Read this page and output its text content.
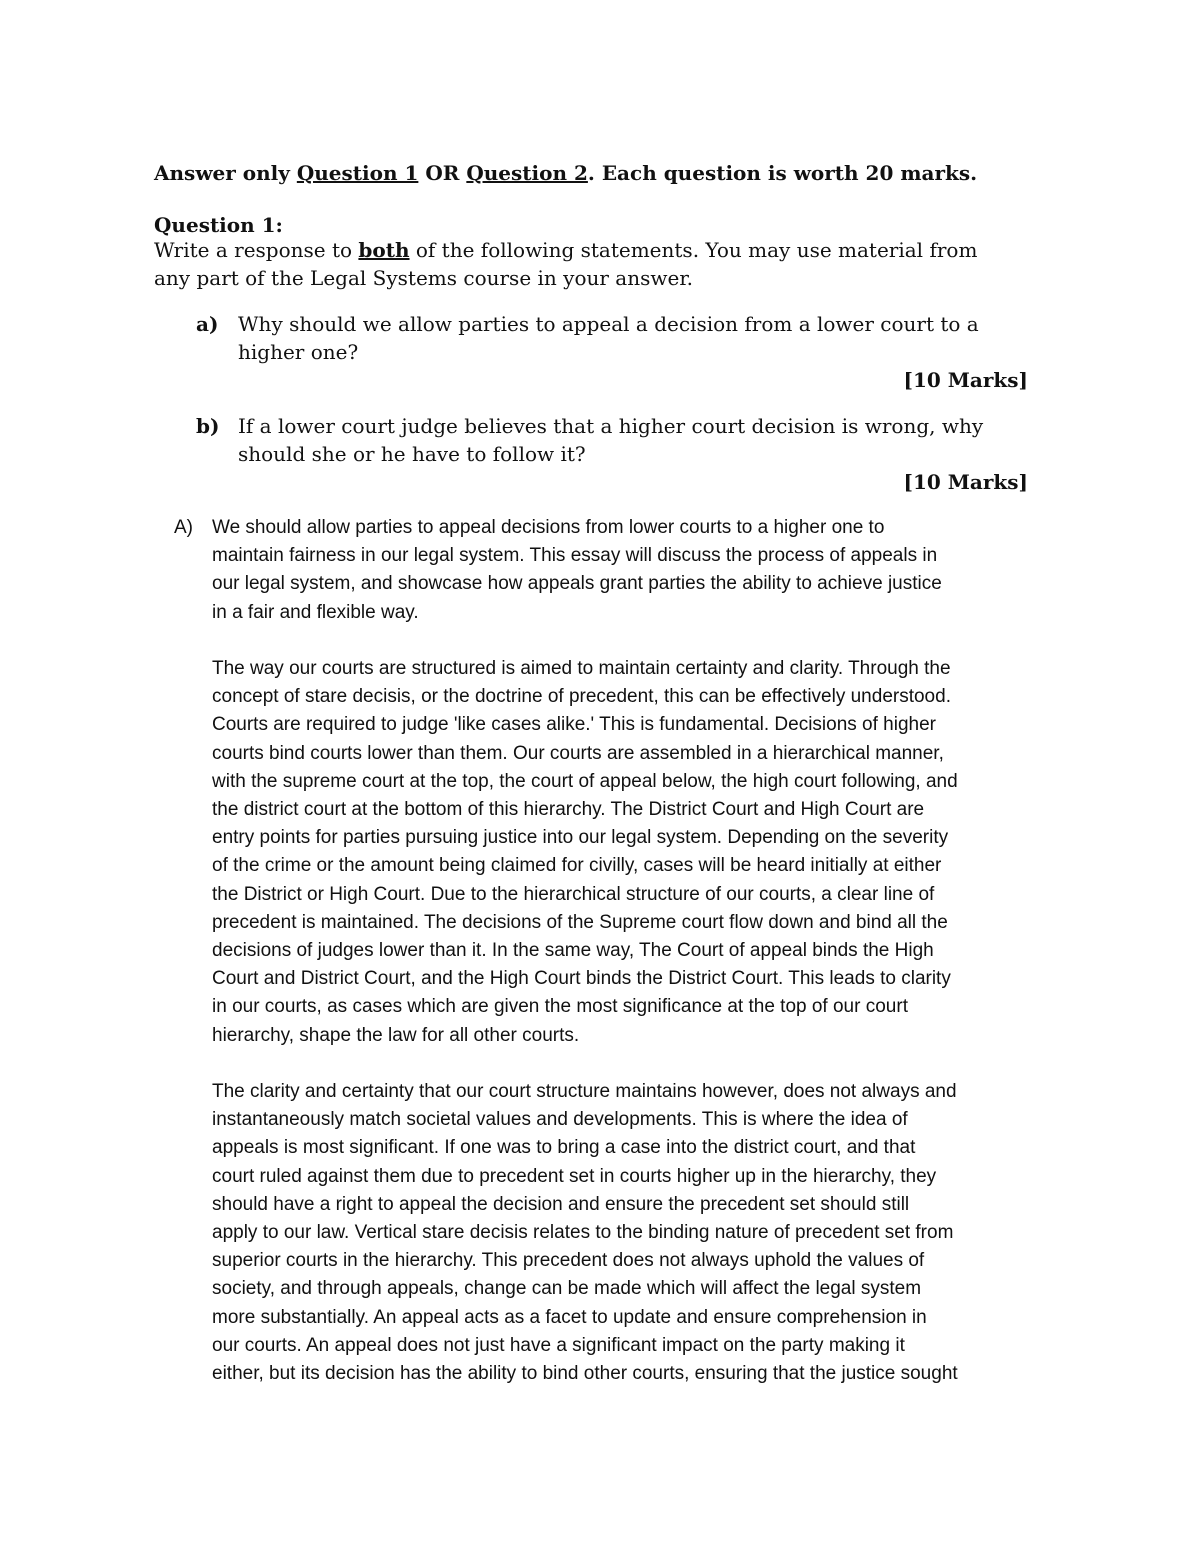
Answer only Question 1 OR Question 2. Each question is worth 20 marks.
Question 1:
Write a response to both of the following statements. You may use material from
any part of the Legal Systems course in your answer.
a) Why should we allow parties to appeal a decision from a lower court to a
higher one?
[10 Marks]
b) If a lower court judge believes that a higher court decision is wrong, why
should she or he have to follow it?
[10 Marks]
A) We should allow parties to appeal decisions from lower courts to a higher one to
maintain fairness in our legal system. This essay will discuss the process of appeals in
our legal system, and showcase how appeals grant parties the ability to achieve justice
in a fair and flexible way.

The way our courts are structured is aimed to maintain certainty and clarity. Through the
concept of stare decisis, or the doctrine of precedent, this can be effectively understood.
Courts are required to judge 'like cases alike.' This is fundamental. Decisions of higher
courts bind courts lower than them. Our courts are assembled in a hierarchical manner,
with the supreme court at the top, the court of appeal below, the high court following, and
the district court at the bottom of this hierarchy. The District Court and High Court are
entry points for parties pursuing justice into our legal system. Depending on the severity
of the crime or the amount being claimed for civilly, cases will be heard initially at either
the District or High Court. Due to the hierarchical structure of our courts, a clear line of
precedent is maintained. The decisions of the Supreme court flow down and bind all the
decisions of judges lower than it. In the same way, The Court of appeal binds the High
Court and District Court, and the High Court binds the District Court. This leads to clarity
in our courts, as cases which are given the most significance at the top of our court
hierarchy, shape the law for all other courts.

The clarity and certainty that our court structure maintains however, does not always and
instantaneously match societal values and developments. This is where the idea of
appeals is most significant. If one was to bring a case into the district court, and that
court ruled against them due to precedent set in courts higher up in the hierarchy, they
should have a right to appeal the decision and ensure the precedent set should still
apply to our law. Vertical stare decisis relates to the binding nature of precedent set from
superior courts in the hierarchy. This precedent does not always uphold the values of
society, and through appeals, change can be made which will affect the legal system
more substantially. An appeal acts as a facet to update and ensure comprehension in
our courts. An appeal does not just have a significant impact on the party making it
either, but its decision has the ability to bind other courts, ensuring that the justice sought
